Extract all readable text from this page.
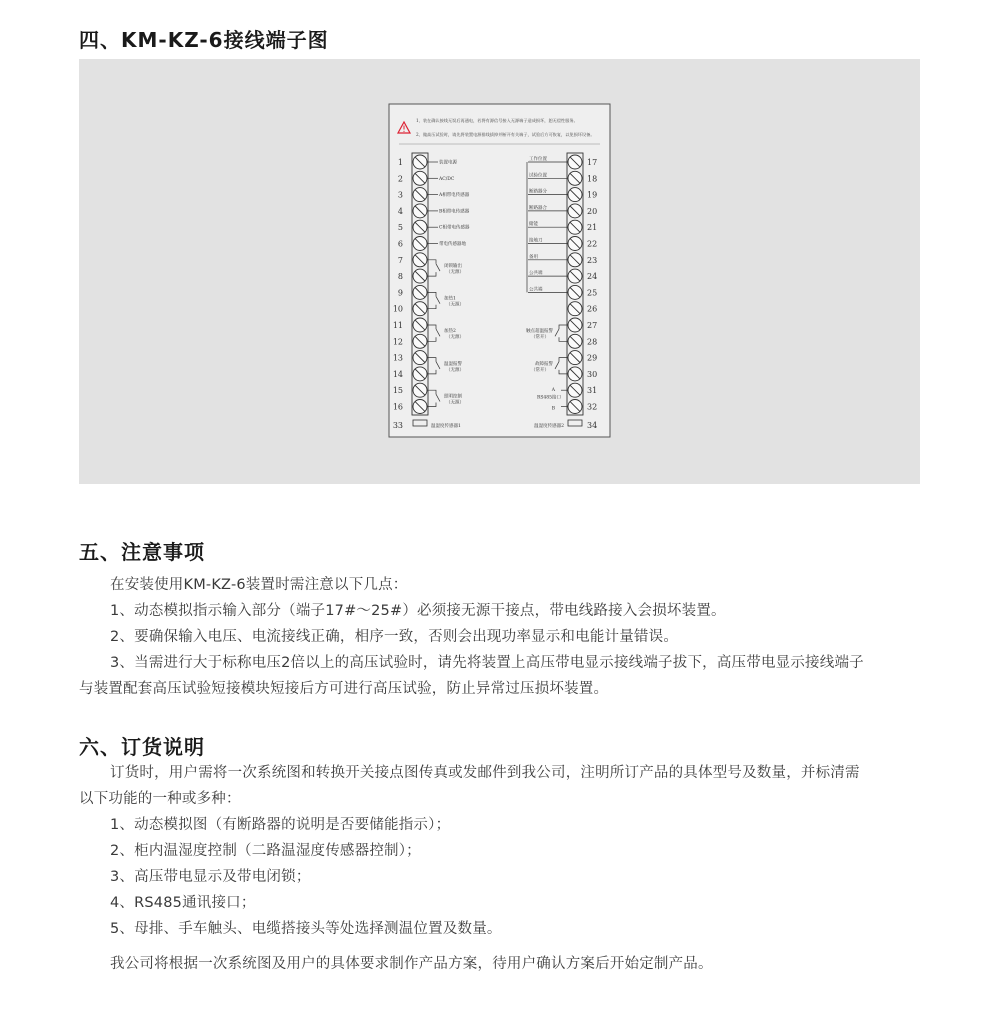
四、KM-KZ-6接线端子图
1、装在确认接线无误后再通电，若将有源信号接入无源端子造成损坏，恕无偿性服务。
2、做高压试验时，请先将装置电源排线拔掉并断开有关端子，试验后方可恢复，以免损坏设备。
1
2
3
4
5
6
7
8
9
10
11
12
13
14
15
16
17
18
19
20
21
22
23
24
25
26
27
28
29
30
31
32
33	34
温湿度传感器1	温湿度传感器2
装置电源
AC/DC
A相带电传感器
B相带电传感器
C相带电传感器
带电传感器地
闭锁输出
（无源）
加热1
（无源）
加热2
（无源）
温湿报警
（无源）
照明控制
（无源）
工作位置
试验位置
断路器分
断路器合
储能
接地刀
备用
公共端
公共端
触点超温报警
（常开）
故障报警
（常开）
A
RS485接口
B
五、注意事项
在安装使用KM-KZ-6装置时需注意以下几点：
1、动态模拟指示输入部分（端子17#～25#）必须接无源干接点，带电线路接入会损坏装置。
2、要确保输入电压、电流接线正确，相序一致，否则会出现功率显示和电能计量错误。
3、当需进行大于标称电压2倍以上的高压试验时，请先将装置上高压带电显示接线端子拔下，高压带电显示接线端子
与装置配套高压试验短接模块短接后方可进行高压试验，防止异常过压损坏装置。
六、订货说明
订货时，用户需将一次系统图和转换开关接点图传真或发邮件到我公司，注明所订产品的具体型号及数量，并标清需
以下功能的一种或多种：
1、动态模拟图（有断路器的说明是否要储能指示）；
2、柜内温湿度控制（二路温湿度传感器控制）；
3、高压带电显示及带电闭锁；
4、RS485通讯接口；
5、母排、手车触头、电缆搭接头等处选择测温位置及数量。
我公司将根据一次系统图及用户的具体要求制作产品方案，待用户确认方案后开始定制产品。
